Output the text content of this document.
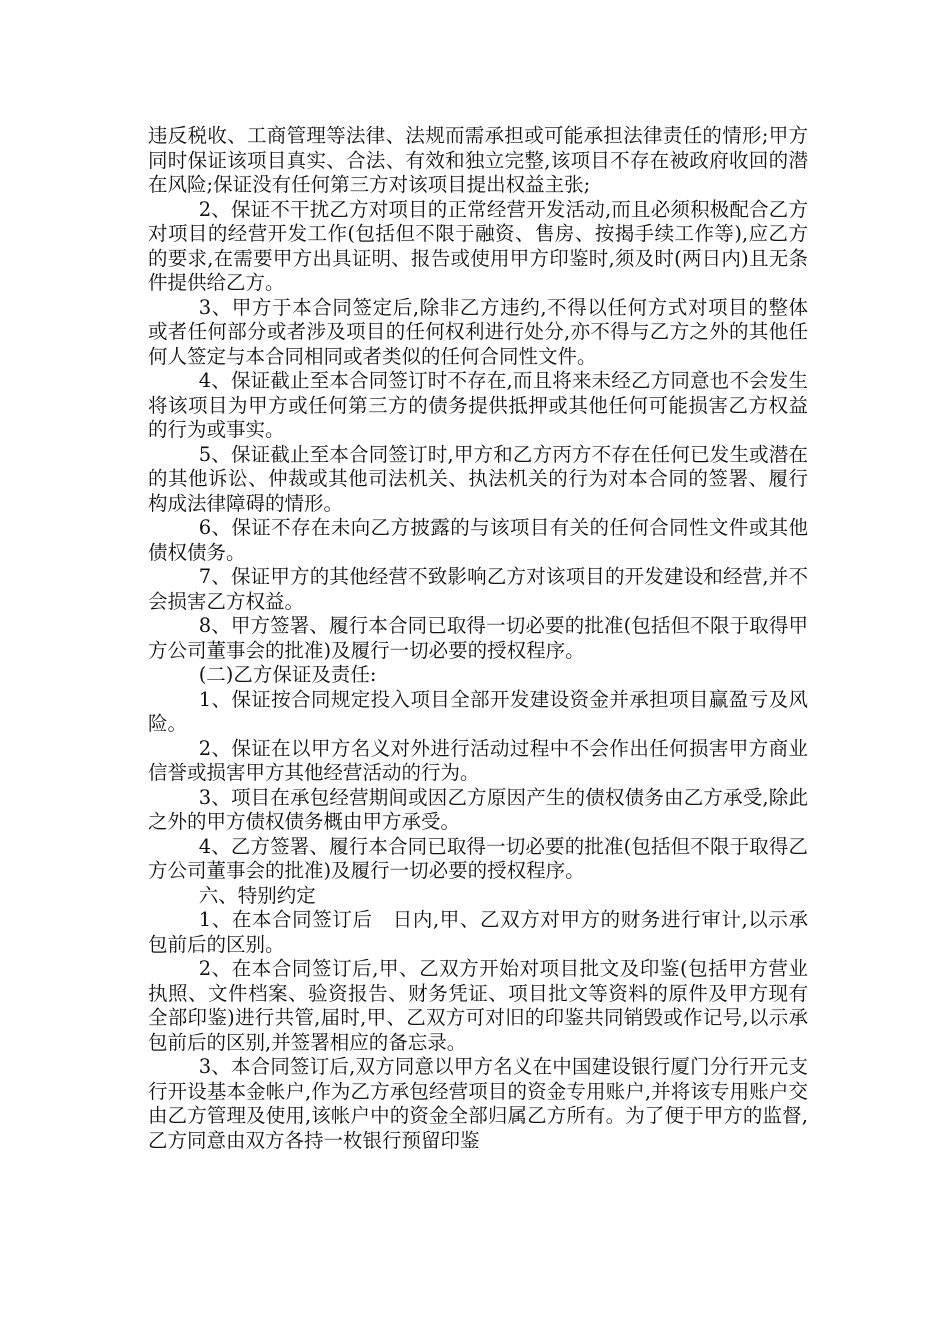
违反税收、工商管理等法律、法规而需承担或可能承担法律责任的情形;甲方同时保证该项目真实、合法、有效和独立完整,该项目不存在被政府收回的潜在风险;保证没有任何第三方对该项目提出权益主张;

2、保证不干扰乙方对项目的正常经营开发活动,而且必须积极配合乙方对项目的经营开发工作(包括但不限于融资、售房、按揭手续工作等),应乙方的要求,在需要甲方出具证明、报告或使用甲方印鉴时,须及时(两日内)且无条件提供给乙方。

3、甲方于本合同签定后,除非乙方违约,不得以任何方式对项目的整体或者任何部分或者涉及项目的任何权利进行处分,亦不得与乙方之外的其他任何人签定与本合同相同或者类似的任何合同性文件。

4、保证截止至本合同签订时不存在,而且将来未经乙方同意也不会发生将该项目为甲方或任何第三方的债务提供抵押或其他任何可能损害乙方权益的行为或事实。

5、保证截止至本合同签订时,甲方和乙方丙方不存在任何已发生或潜在的其他诉讼、仲裁或其他司法机关、执法机关的行为对本合同的签署、履行构成法律障碍的情形。

6、保证不存在未向乙方披露的与该项目有关的任何合同性文件或其他债权债务。

7、保证甲方的其他经营不致影响乙方对该项目的开发建设和经营,并不会损害乙方权益。

8、甲方签署、履行本合同已取得一切必要的批准(包括但不限于取得甲方公司董事会的批准)及履行一切必要的授权程序。

(二)乙方保证及责任:

1、保证按合同规定投入项目全部开发建设资金并承担项目赢盈亏及风险。

2、保证在以甲方名义对外进行活动过程中不会作出任何损害甲方商业信誉或损害甲方其他经营活动的行为。

3、项目在承包经营期间或因乙方原因产生的债权债务由乙方承受,除此之外的甲方债权债务概由甲方承受。

4、乙方签署、履行本合同已取得一切必要的批准(包括但不限于取得乙方公司董事会的批准)及履行一切必要的授权程序。

六、特别约定

1、在本合同签订后　日内,甲、乙双方对甲方的财务进行审计,以示承包前后的区别。

2、在本合同签订后,甲、乙双方开始对项目批文及印鉴(包括甲方营业执照、文件档案、验资报告、财务凭证、项目批文等资料的原件及甲方现有全部印鉴)进行共管,届时,甲、乙双方可对旧的印鉴共同销毁或作记号,以示承包前后的区别,并签署相应的备忘录。

3、本合同签订后,双方同意以甲方名义在中国建设银行厦门分行开元支行开设基本金帐户,作为乙方承包经营项目的资金专用账户,并将该专用账户交由乙方管理及使用,该帐户中的资金全部归属乙方所有。为了便于甲方的监督,乙方同意由双方各持一枚银行预留印鉴
